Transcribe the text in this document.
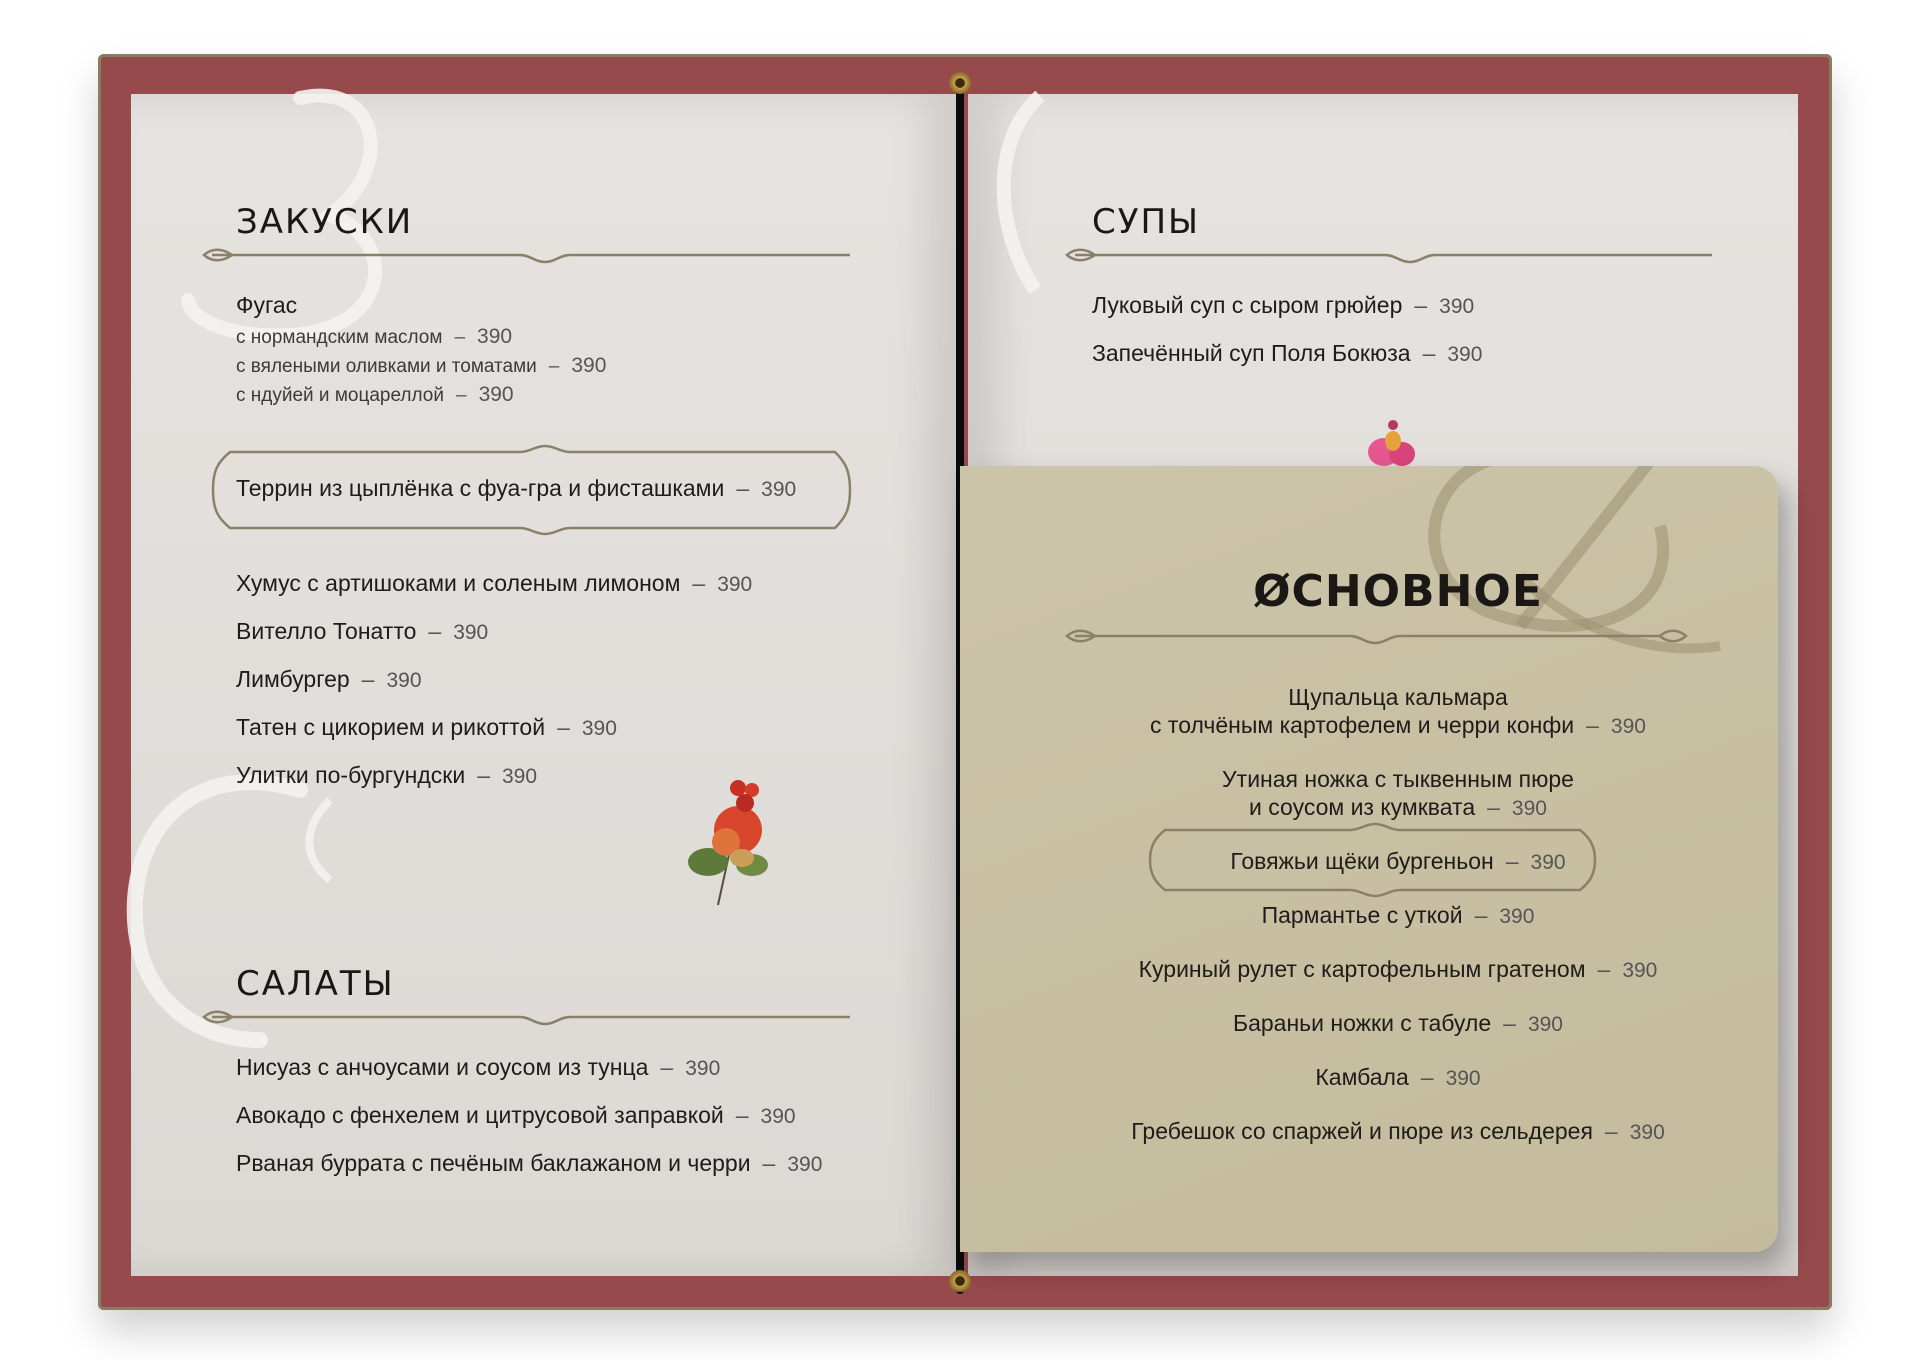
ЗАКУСКИ
Фугас
с нормандским маслом – 390
с вялеными оливками и томатами – 390
с ндуйей и моцареллой – 390
Террин из цыплёнка с фуа-гра и фисташками – 390
Хумус с артишоками и соленым лимоном – 390
Вителло Тонатто – 390
Лимбургер – 390
Татен с цикорием и рикоттой – 390
Улитки по-бургундски – 390
САЛАТЫ
Нисуаз с анчоусами и соусом из тунца – 390
Авокадо с фенхелем и цитрусовой заправкой – 390
Рваная буррата с печёным баклажаном и черри – 390
СУПЫ
Луковый суп с сыром грюйер – 390
Запечённый суп Поля Бокюза – 390
ØСНОВНОЕ
Щупальца кальмара
с толчёным картофелем и черри конфи – 390
Утиная ножка с тыквенным пюре
и соусом из кумквата – 390
Говяжьи щёки бургеньон – 390
Пармантье с уткой – 390
Куриный рулет с картофельным гратеном – 390
Бараньи ножки с табуле – 390
Камбала – 390
Гребешок со спаржей и пюре из сельдерея – 390
